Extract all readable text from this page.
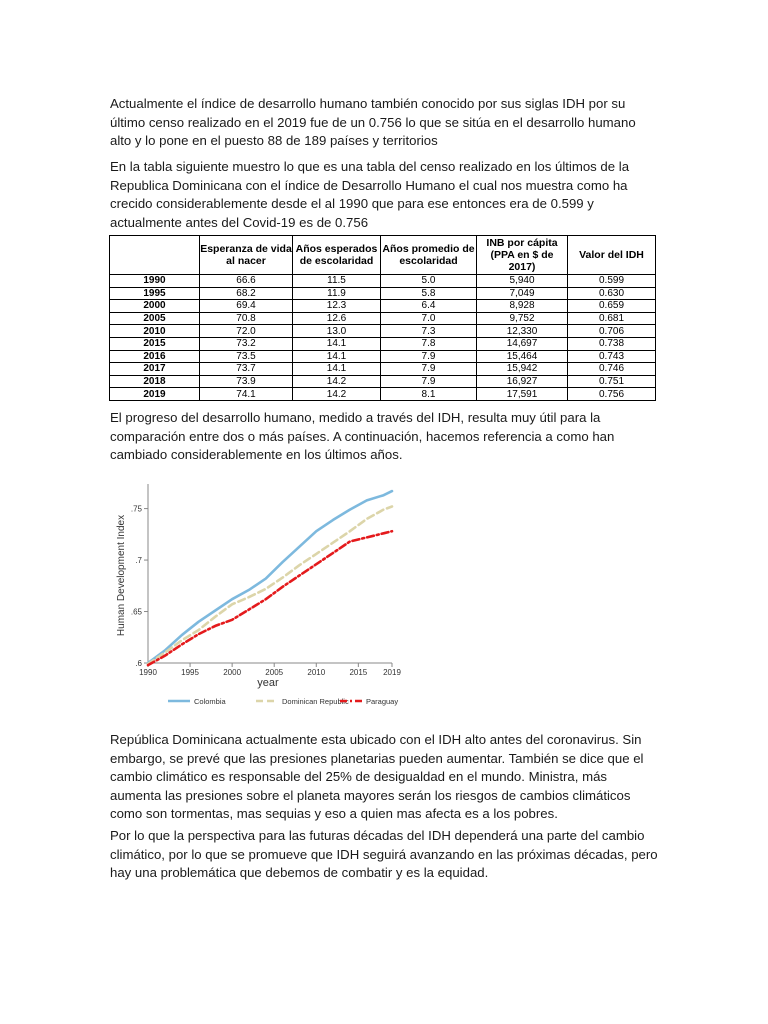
Actualmente el índice de desarrollo humano también conocido por sus siglas IDH por su último censo realizado en el 2019 fue de un 0.756 lo que se sitúa en el desarrollo humano alto y lo pone en el puesto 88 de 189 países y territorios

En la tabla siguiente muestro lo que es una tabla del censo realizado en los últimos de la Republica Dominicana con el índice de Desarrollo Humano el cual nos muestra como ha crecido considerablemente desde el al 1990 que para ese entonces era de 0.599 y actualmente antes del Covid-19 es de 0.756

	Esperanza de vida al nacer	Años esperados de escolaridad	Años promedio de escolaridad	INB por cápita (PPA en $ de 2017)	Valor del IDH
1990	66.6	11.5	5.0	5,940	0.599
1995	68.2	11.9	5.8	7,049	0.630
2000	69.4	12.3	6.4	8,928	0.659
2005	70.8	12.6	7.0	9,752	0.681
2010	72.0	13.0	7.3	12,330	0.706
2015	73.2	14.1	7.8	14,697	0.738
2016	73.5	14.1	7.9	15,464	0.743
2017	73.7	14.1	7.9	15,942	0.746
2018	73.9	14.2	7.9	16,927	0.751
2019	74.1	14.2	8.1	17,591	0.756

El progreso del desarrollo humano, medido a través del IDH, resulta muy útil para la comparación entre dos o más países. A continuación, hacemos referencia a como han cambiado considerablemente en los últimos años.

.6
.65
.7
.75
1990	1995	2000	2005	2010	2015 2019
year
Human Development Index
Colombia	Dominican Republic Paraguay

República Dominicana actualmente esta ubicado con el IDH alto antes del coronavirus. Sin embargo, se prevé que las presiones planetarias pueden aumentar. También se dice que el cambio climático es responsable del 25% de desigualdad en el mundo. Ministra, más aumenta las presiones sobre el planeta mayores serán los riesgos de cambios climáticos como son tormentas, mas sequias y eso a quien mas afecta es a los pobres.

Por lo que la perspectiva para las futuras décadas del IDH dependerá una parte del cambio climático, por lo que se promueve que IDH seguirá avanzando en las próximas décadas, pero hay una problemática que debemos de combatir y es la equidad.
